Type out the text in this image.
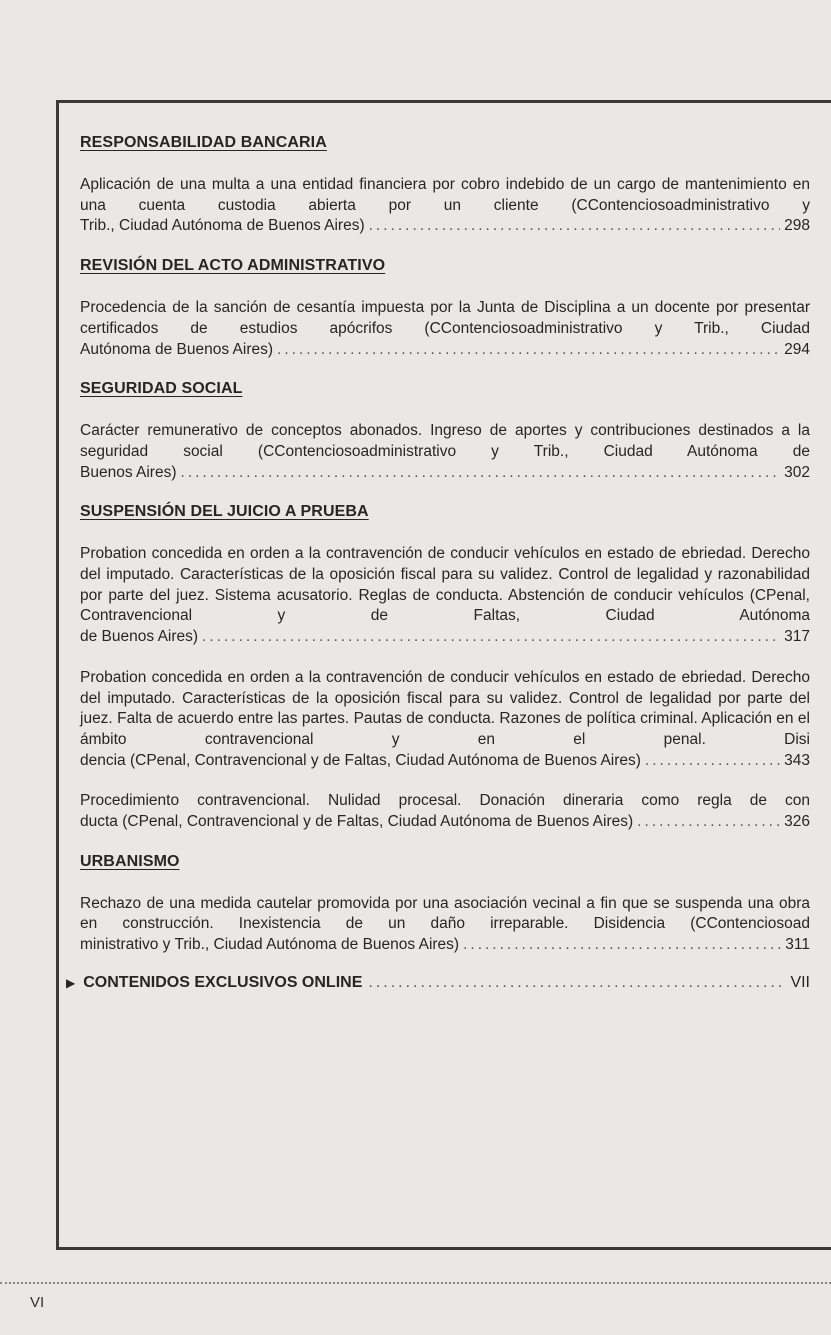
RESPONSABILIDAD BANCARIA
Aplicación de una multa a una entidad financiera por cobro indebido de un cargo de mantenimiento en una cuenta custodia abierta por un cliente (CContenciosoadministrativo y
Trib., Ciudad Autónoma de Buenos Aires) .....	298
REVISIÓN DEL ACTO ADMINISTRATIVO
Procedencia de la sanción de cesantía impuesta por la Junta de Disciplina a un docente por presentar certificados de estudios apócrifos (CContenciosoadministrativo y Trib., Ciudad
Autónoma de Buenos Aires) .....	294
SEGURIDAD SOCIAL
Carácter remunerativo de conceptos abonados. Ingreso de aportes y contribuciones destinados a la seguridad social (CContenciosoadministrativo y Trib., Ciudad Autónoma de
Buenos Aires) .....	302
SUSPENSIÓN DEL JUICIO A PRUEBA
Probation concedida en orden a la contravención de conducir vehículos en estado de ebriedad. Derecho del imputado. Características de la oposición fiscal para su validez. Control de legalidad y razonabilidad por parte del juez. Sistema acusatorio. Reglas de conducta. Abstención de conducir vehículos (CPenal, Contravencional y de Faltas, Ciudad Autónoma
de Buenos Aires) .....	317
Probation concedida en orden a la contravención de conducir vehículos en estado de ebriedad. Derecho del imputado. Características de la oposición fiscal para su validez. Control de legalidad por parte del juez. Falta de acuerdo entre las partes. Pautas de conducta. Razones de política criminal. Aplicación en el ámbito contravencional y en el penal. Disi
dencia (CPenal, Contravencional y de Faltas, Ciudad Autónoma de Buenos Aires) .....	343
Procedimiento contravencional. Nulidad procesal. Donación dineraria como regla de con
ducta (CPenal, Contravencional y de Faltas, Ciudad Autónoma de Buenos Aires) .....	326
URBANISMO
Rechazo de una medida cautelar promovida por una asociación vecinal a fin que se suspenda una obra en construcción. Inexistencia de un daño irreparable. Disidencia (CContenciosoad
ministrativo y Trib., Ciudad Autónoma de Buenos Aires) .....	311
▶ CONTENIDOS EXCLUSIVOS ONLINE .....	VII
VI
